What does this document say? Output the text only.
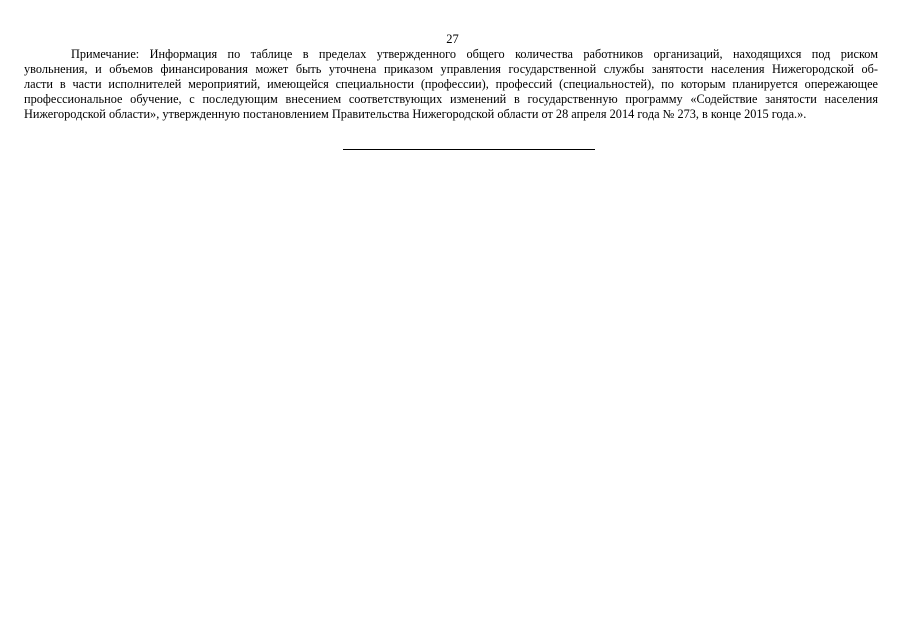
27
Примечание: Информация по таблице в пределах утвержденного общего количества работников организаций, находящихся под риском
увольнения, и объемов финансирования может быть уточнена приказом управления государственной службы занятости населения Нижегородской об-
ласти в части исполнителей мероприятий, имеющейся специальности (профессии), профессий (специальностей), по которым планируется опережающее
профессиональное обучение, с последующим внесением соответствующих изменений в государственную программу «Содействие занятости населения
Нижегородской области», утвержденную постановлением Правительства Нижегородской области от 28 апреля 2014 года № 273, в конце 2015 года.».
